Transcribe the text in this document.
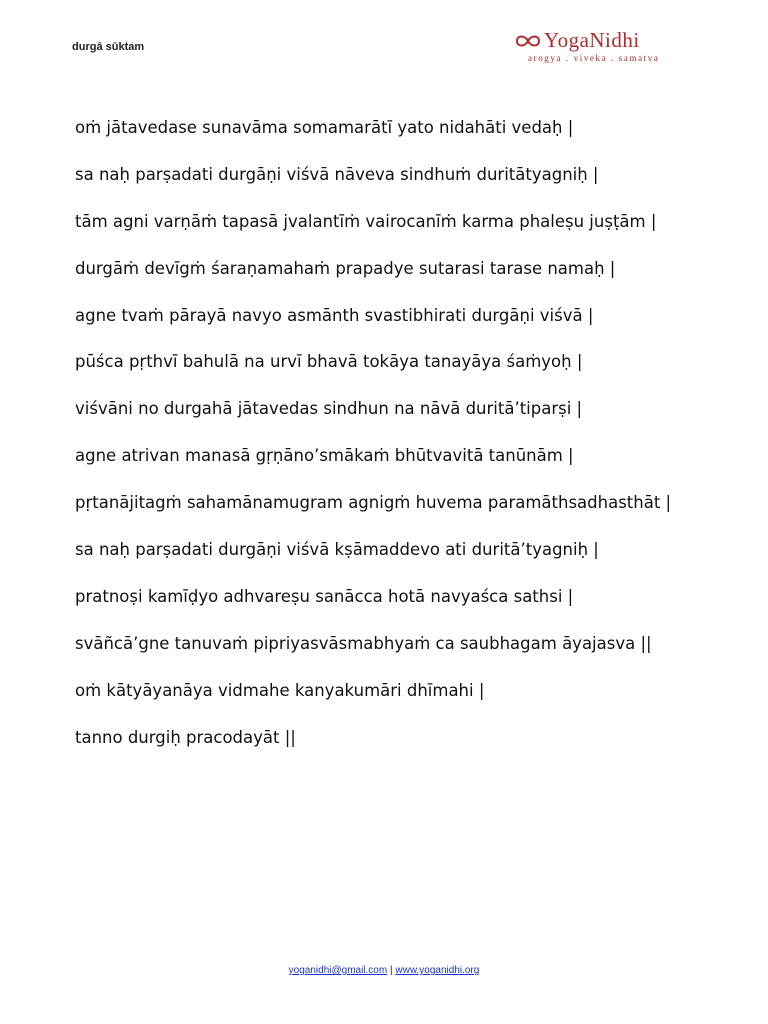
durgā sūktam	YogaNidhi
arogya . viveka . samatva
oṁ jātavedase sunavāma somamarātī yato nidahāti vedaḥ |
sa naḥ parṣadati durgāṇi viśvā nāveva sindhuṁ duritātyagniḥ |
tām agni varṇāṁ tapasā jvalantīṁ vairocanīṁ karma phaleṣu juṣṭām |
durgāṁ devīgṁ śaraṇamahaṁ prapadye sutarasi tarase namaḥ |
agne tvaṁ pārayā navyo asmānth svastibhirati durgāṇi viśvā |
pūśca pṛthvī bahulā na urvī bhavā tokāya tanayāya śaṁyoḥ |
viśvāni no durgahā jātavedas sindhun na nāvā duritā’tiparṣi |
agne atrivan manasā gṛṇāno’smākaṁ bhūtvavitā tanūnām |
pṛtanājitagṁ sahamānamugram agnigṁ huvema paramāthsadhasthāt |
sa naḥ parṣadati durgāṇi viśvā kṣāmaddevo ati duritā’tyagniḥ |
pratnoṣi kamīḍyo adhvareṣu sanācca hotā navyaśca sathsi |
svāñcā’gne tanuvaṁ pipriyasvāsmabhyaṁ ca saubhagam āyajasva ||
oṁ kātyāyanāya vidmahe kanyakumāri dhīmahi |
tanno durgiḥ pracodayāt ||
yoganidhi@gmail.com | www.yoganidhi.org
